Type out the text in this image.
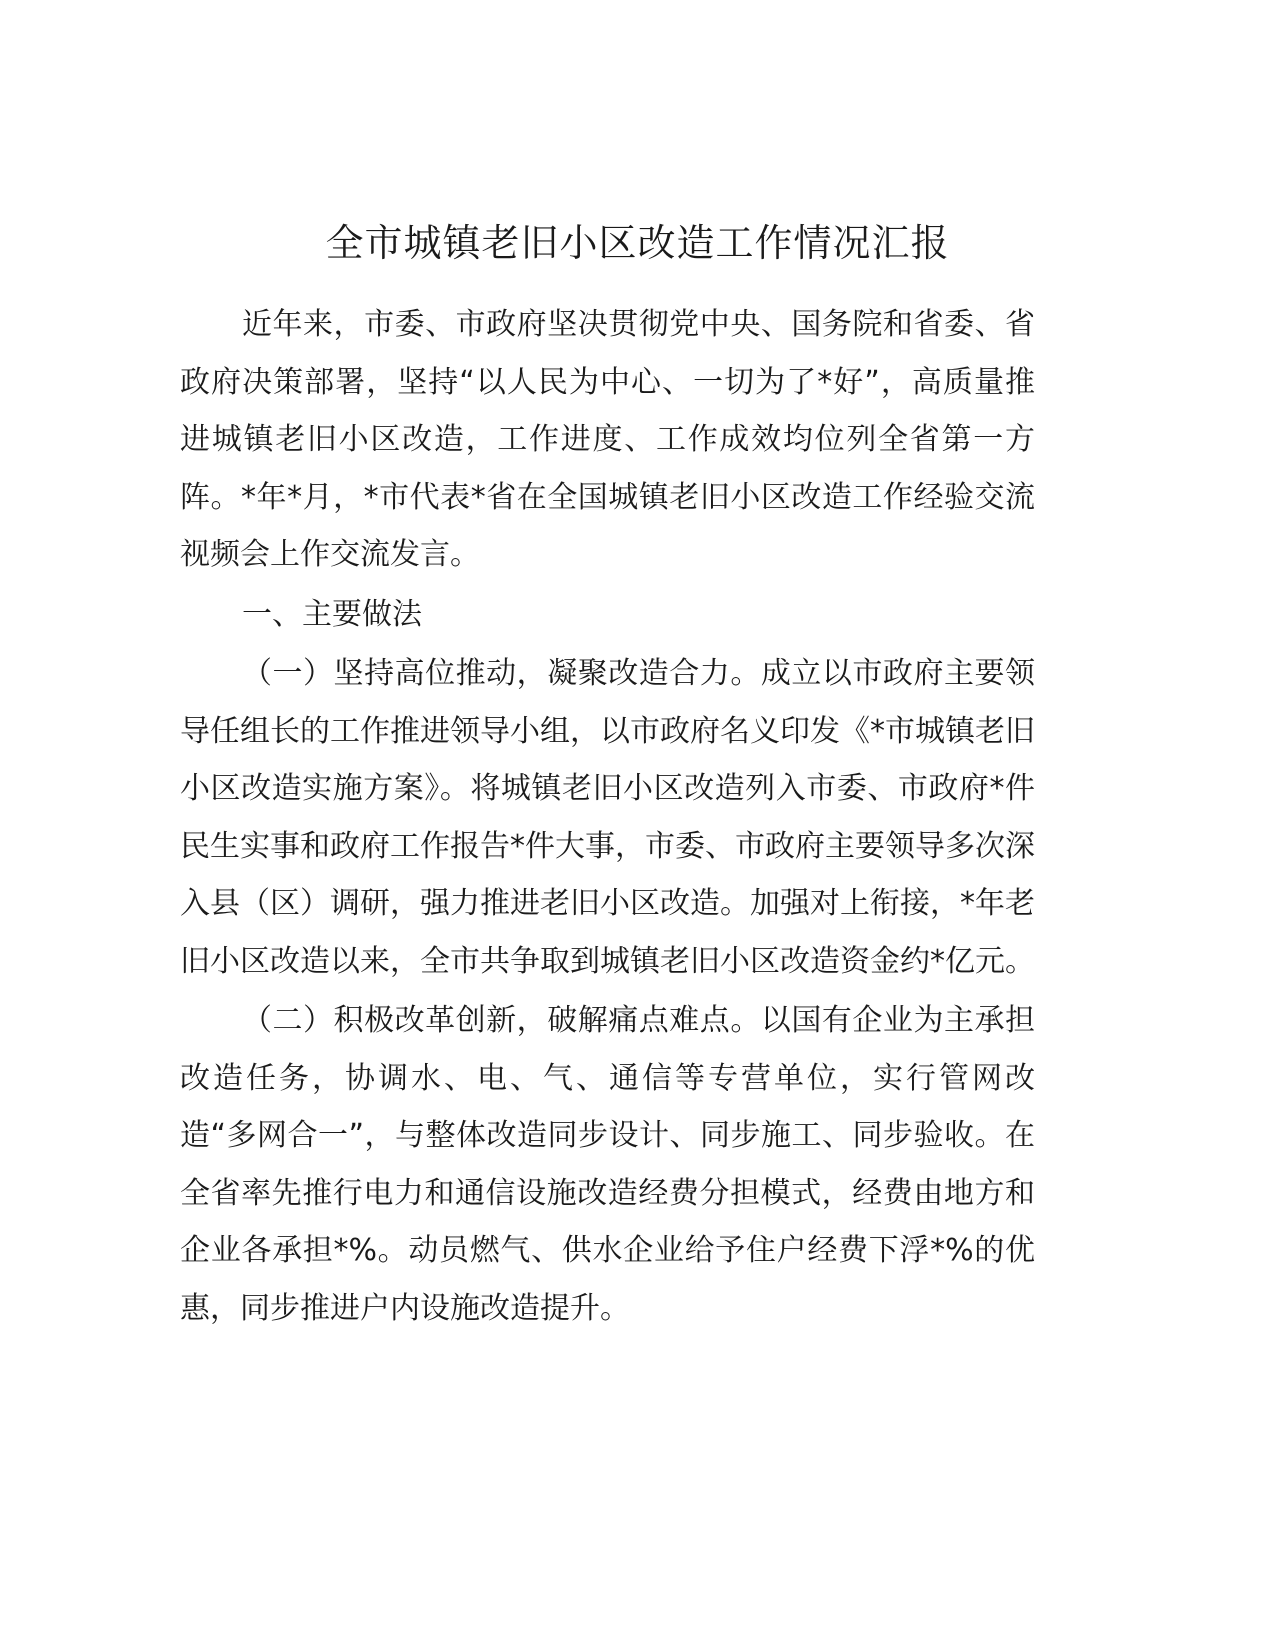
全市城镇老旧小区改造工作情况汇报

近年来，市委、市政府坚决贯彻党中央、国务院和省委、省政府决策部署，坚持“以人民为中心、一切为了*好”，高质量推进城镇老旧小区改造，工作进度、工作成效均位列全省第一方阵。*年*月，*市代表*省在全国城镇老旧小区改造工作经验交流视频会上作交流发言。

一、主要做法

（一）坚持高位推动，凝聚改造合力。成立以市政府主要领导任组长的工作推进领导小组，以市政府名义印发《*市城镇老旧小区改造实施方案》。将城镇老旧小区改造列入市委、市政府*件民生实事和政府工作报告*件大事，市委、市政府主要领导多次深入县（区）调研，强力推进老旧小区改造。加强对上衔接，*年老旧小区改造以来，全市共争取到城镇老旧小区改造资金约*亿元。

（二）积极改革创新，破解痛点难点。以国有企业为主承担改造任务，协调水、电、气、通信等专营单位，实行管网改造“多网合一”，与整体改造同步设计、同步施工、同步验收。在全省率先推行电力和通信设施改造经费分担模式，经费由地方和企业各承担*%。动员燃气、供水企业给予住户经费下浮*%的优惠，同步推进户内设施改造提升。
